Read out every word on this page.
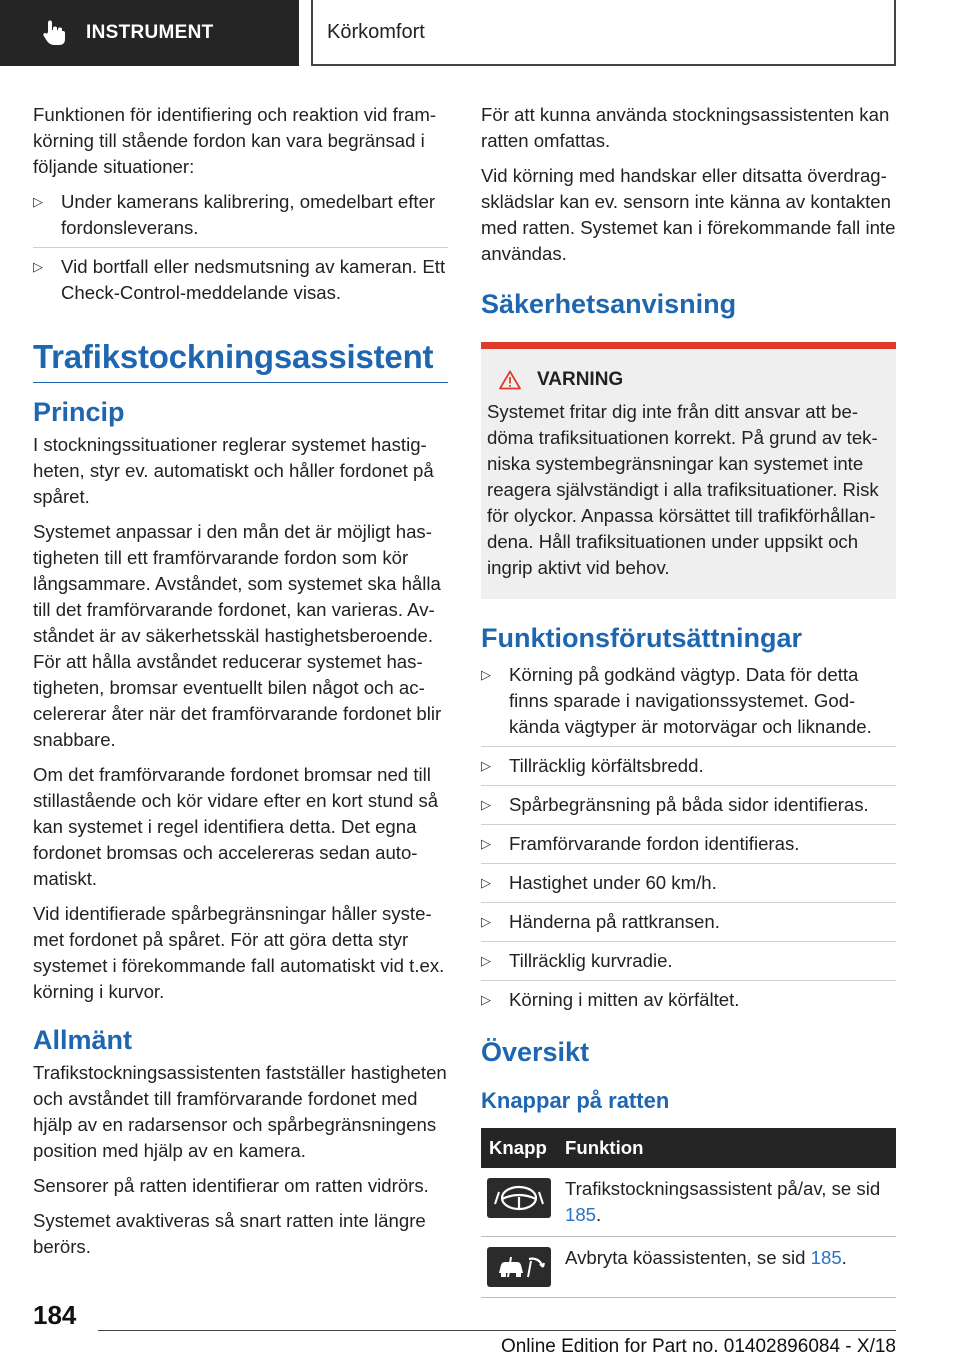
INSTRUMENT	Körkomfort

Funktionen för identifiering och reaktion vid framkörning till stående fordon kan vara begränsad i följande situationer:

▷ Under kamerans kalibrering, omedelbart efter fordonsleverans.
▷ Vid bortfall eller nedsmutsning av kameran. Ett Check-Control-meddelande visas.
Trafikstockningsassistent
Princip

I stockningssituationer reglerar systemet hastigheten, styr ev. automatiskt och håller fordonet på spåret.

Systemet anpassar i den mån det är möjligt hastigheten till ett framförvarande fordon som kör långsammare. Avståndet, som systemet ska hålla till det framförvarande fordonet, kan varieras. Avståndet är av säkerhetsskäl hastighetsberoende. För att hålla avståndet reducerar systemet hastigheten, bromsar eventuellt bilen något och accelererar åter när det framförvarande fordonet blir snabbare.

Om det framförvarande fordonet bromsar ned till stillastående och kör vidare efter en kort stund så kan systemet i regel identifiera detta. Det egna fordonet bromsas och accelereras sedan automatiskt.

Vid identifierade spårbegränsningar håller systemet fordonet på spåret. För att göra detta styr systemet i förekommande fall automatiskt vid t.ex. körning i kurvor.

Allmänt

Trafikstockningsassistenten fastställer hastigheten och avståndet till framförvarande fordonet med hjälp av en radarsensor och spårbegränsningens position med hjälp av en kamera.

Sensorer på ratten identifierar om ratten vidrörs.

Systemet avaktiveras så snart ratten inte längre berörs.

För att kunna använda stockningsassistenten kan ratten omfattas.

Vid körning med handskar eller ditsatta överdragsklädslar kan ev. sensorn inte känna av kontakten med ratten. Systemet kan i förekommande fall inte användas.

Säkerhetsanvisning
VARNING

Systemet fritar dig inte från ditt ansvar att bedöma trafiksituationen korrekt. På grund av tekniska systembegränsningar kan systemet inte reagera självständigt i alla trafiksituationer. Risk för olyckor. Anpassa körsättet till trafikförhållandena. Håll trafiksituationen under uppsikt och ingrip aktivt vid behov.

Funktionsförutsättningar
▷ Körning på godkänd vägtyp. Data för detta finns sparade i navigationssystemet. Godkända vägtyper är motorvägar och liknande.
▷ Tillräcklig körfältsbredd.
▷ Spårbegränsning på båda sidor identifieras.
▷ Framförvarande fordon identifieras.
▷ Hastighet under 60 km/h.
▷ Händerna på rattkransen.
▷ Tillräcklig kurvradie.
▷ Körning i mitten av körfältet.
Översikt
Knappar på ratten
Knapp	Funktion

	Trafikstockningsassistent på/av, se sid 185.

	Avbryta köassistenten, se sid 185.
184
Online Edition for Part no. 01402896084 - X/18
